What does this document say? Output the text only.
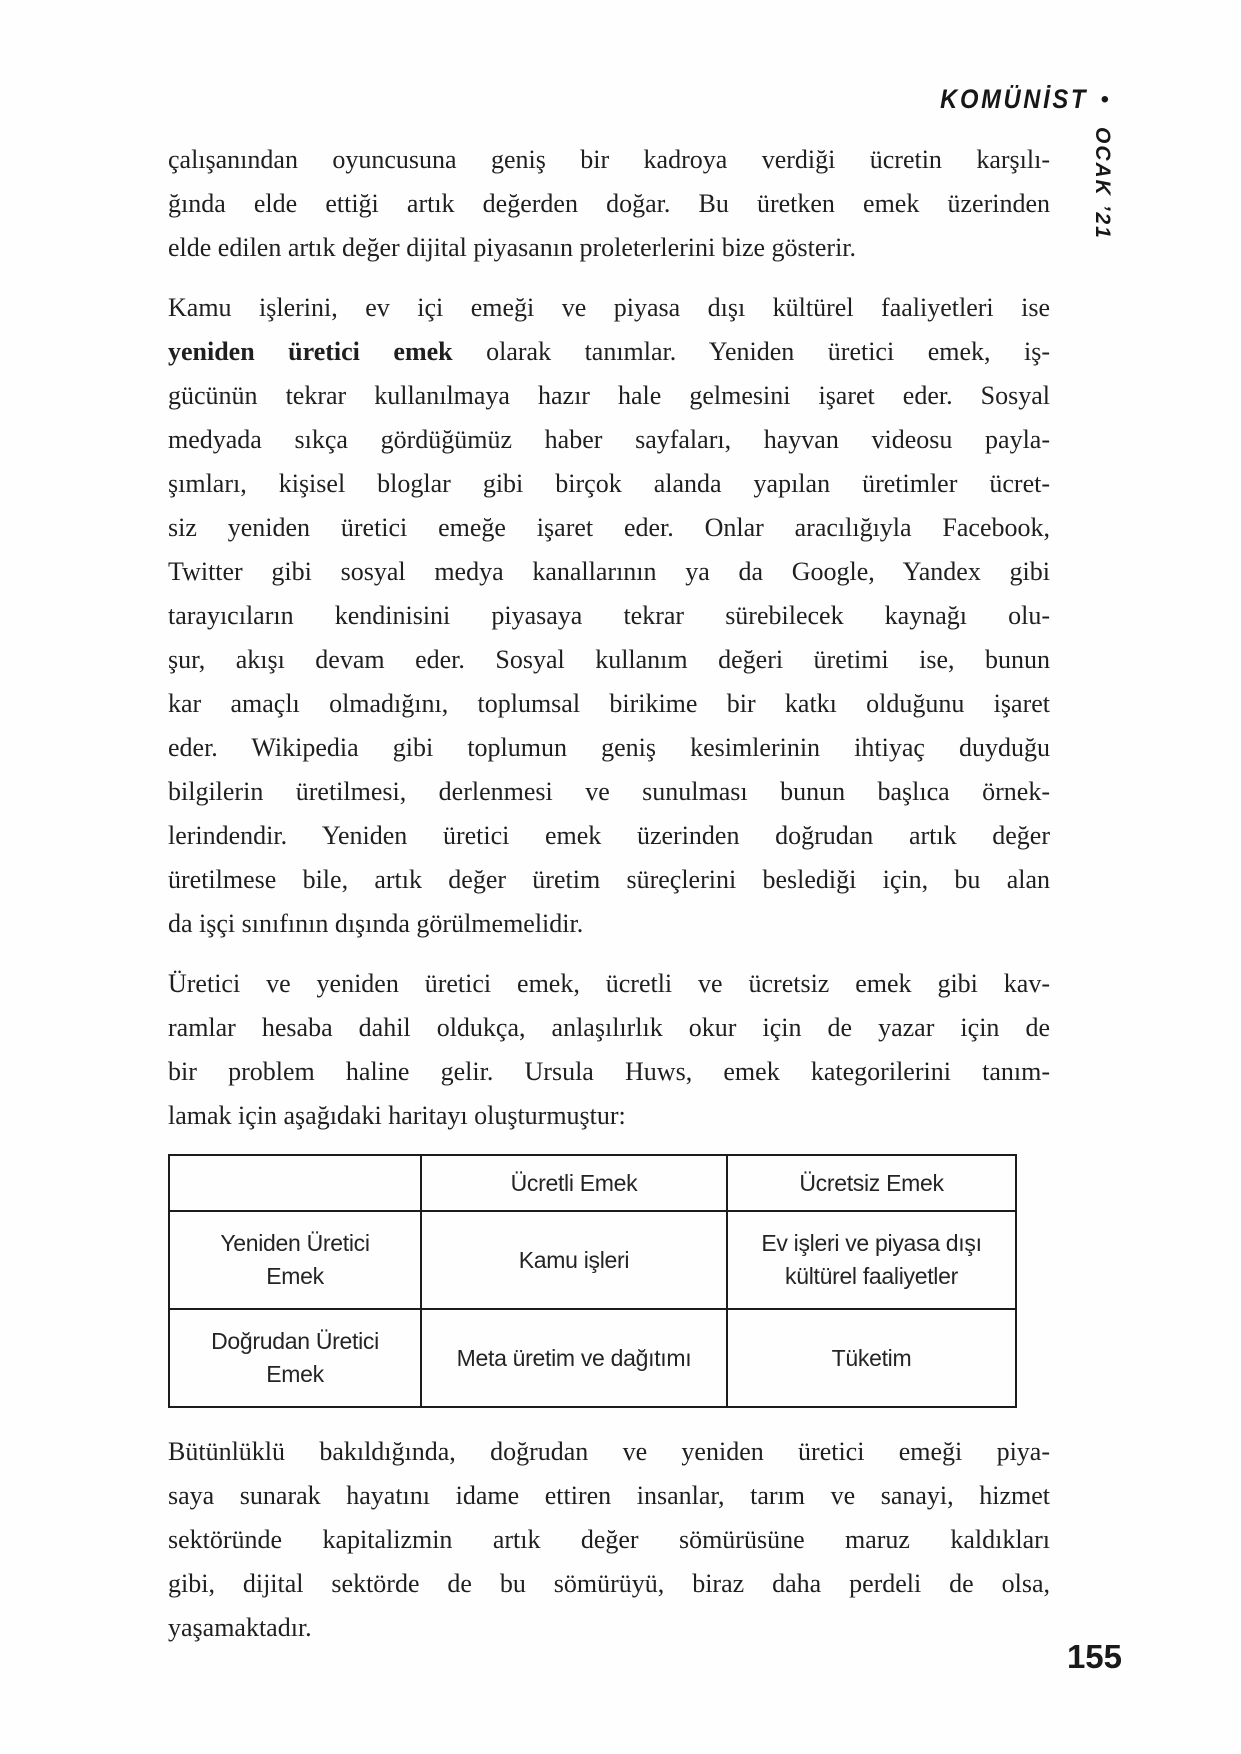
KOMÜNİST •
OCAK ’21
çalışanından oyuncusuna geniş bir kadroya verdiği ücretin karşılı-
ğında elde ettiği artık değerden doğar. Bu üretken emek üzerinden
elde edilen artık değer dijital piyasanın proleterlerini bize gösterir.
Kamu işlerini, ev içi emeği ve piyasa dışı kültürel faaliyetleri ise
yeniden üretici emek olarak tanımlar. Yeniden üretici emek, iş-
gücünün tekrar kullanılmaya hazır hale gelmesini işaret eder. Sosyal
medyada sıkça gördüğümüz haber sayfaları, hayvan videosu payla-
şımları, kişisel bloglar gibi birçok alanda yapılan üretimler ücret-
siz yeniden üretici emeğe işaret eder. Onlar aracılığıyla Facebook,
Twitter gibi sosyal medya kanallarının ya da Google, Yandex gibi
tarayıcıların kendinisini piyasaya tekrar sürebilecek kaynağı olu-
şur, akışı devam eder. Sosyal kullanım değeri üretimi ise, bunun
kar amaçlı olmadığını, toplumsal birikime bir katkı olduğunu işaret
eder. Wikipedia gibi toplumun geniş kesimlerinin ihtiyaç duyduğu
bilgilerin üretilmesi, derlenmesi ve sunulması bunun başlıca örnek-
lerindendir. Yeniden üretici emek üzerinden doğrudan artık değer
üretilmese bile, artık değer üretim süreçlerini beslediği için, bu alan
da işçi sınıfının dışında görülmemelidir.
Üretici ve yeniden üretici emek, ücretli ve ücretsiz emek gibi kav-
ramlar hesaba dahil oldukça, anlaşılırlık okur için de yazar için de
bir problem haline gelir. Ursula Huws, emek kategorilerini tanım-
lamak için aşağıdaki haritayı oluşturmuştur:
	Ücretli Emek	Ücretsiz Emek
Yeniden Üretici Emek	Kamu işleri	Ev işleri ve piyasa dışı kültürel faaliyetler
Doğrudan Üretici Emek	Meta üretim ve dağıtımı	Tüketim
Bütünlüklü bakıldığında, doğrudan ve yeniden üretici emeği piya-
saya sunarak hayatını idame ettiren insanlar, tarım ve sanayi, hizmet
sektöründe kapitalizmin artık değer sömürüsüne maruz kaldıkları
gibi, dijital sektörde de bu sömürüyü, biraz daha perdeli de olsa,
yaşamaktadır.
155
